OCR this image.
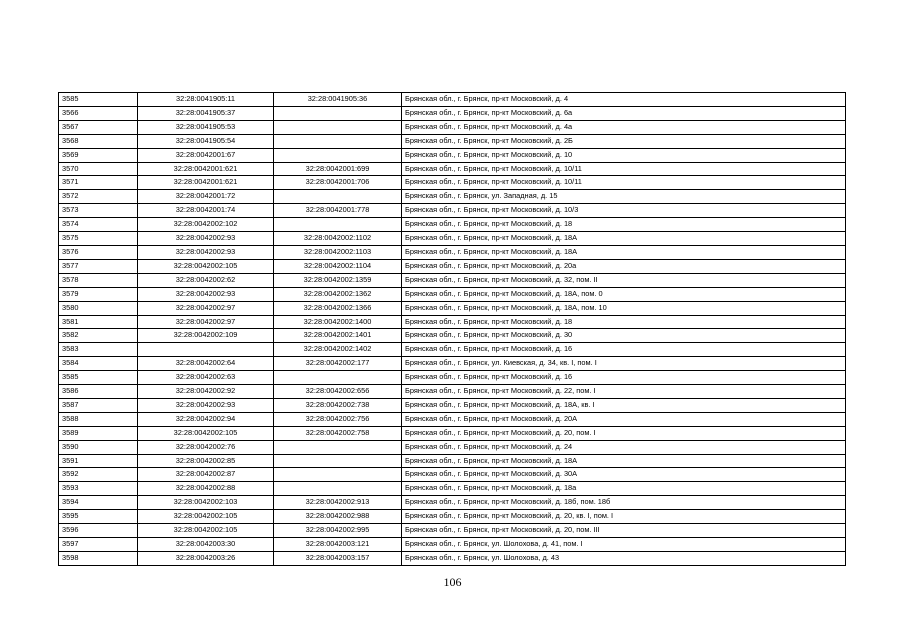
3585	32:28:0041905:11	32:28:0041905:36	Брянская обл., г. Брянск, пр-кт Московский, д. 4
3566	32:28:0041905:37		Брянская обл., г. Брянск, пр-кт Московский, д. 6а
3567	32:28:0041905:53		Брянская обл., г. Брянск, пр-кт Московский, д. 4а
3568	32:28:0041905:54		Брянская обл., г. Брянск, пр-кт Московский, д. 2Б
3569	32:28:0042001:67		Брянская обл., г. Брянск, пр-кт Московский, д. 10
3570	32:28:0042001:621	32:28:0042001:699	Брянская обл., г. Брянск, пр-кт Московский, д. 10/11
3571	32:28:0042001:621	32:28:0042001:706	Брянская обл., г. Брянск, пр-кт Московский, д. 10/11
3572	32:28:0042001:72		Брянская обл., г. Брянск, ул. Западная, д. 15
3573	32:28:0042001:74	32:28:0042001:778	Брянская обл., г. Брянск, пр-кт Московский, д. 10/3
3574	32:28:0042002:102		Брянская обл., г. Брянск, пр-кт Московский, д. 18
3575	32:28:0042002:93	32:28:0042002:1102	Брянская обл., г. Брянск, пр-кт Московский, д. 18А
3576	32:28:0042002:93	32:28:0042002:1103	Брянская обл., г. Брянск, пр-кт Московский, д. 18А
3577	32:28:0042002:105	32:28:0042002:1104	Брянская обл., г. Брянск, пр-кт Московский, д. 20а
3578	32:28:0042002:62	32:28:0042002:1359	Брянская обл., г. Брянск, пр-кт Московский, д. 32, пом. II
3579	32:28:0042002:93	32:28:0042002:1362	Брянская обл., г. Брянск, пр-кт Московский, д. 18А, пом. 0
3580	32:28:0042002:97	32:28:0042002:1366	Брянская обл., г. Брянск, пр-кт Московский, д. 18А, пом. 10
3581	32:28:0042002:97	32:28:0042002:1400	Брянская обл., г. Брянск, пр-кт Московский, д. 18
3582	32:28:0042002:109	32:28:0042002:1401	Брянская обл., г. Брянск, пр-кт Московский, д. 30
3583		32:28:0042002:1402	Брянская обл., г. Брянск, пр-кт Московский, д. 16
3584	32:28:0042002:64	32:28:0042002:177	Брянская обл., г. Брянск, ул. Киевская, д. 34, кв. I, пом. I
3585	32:28:0042002:63		Брянская обл., г. Брянск, пр-кт Московский, д. 16
3586	32:28:0042002:92	32:28:0042002:656	Брянская обл., г. Брянск, пр-кт Московский, д. 22, пом. I
3587	32:28:0042002:93	32:28:0042002:738	Брянская обл., г. Брянск, пр-кт Московский, д. 18А, кв. I
3588	32:28:0042002:94	32:28:0042002:756	Брянская обл., г. Брянск, пр-кт Московский, д. 20А
3589	32:28:0042002:105	32:28:0042002:758	Брянская обл., г. Брянск, пр-кт Московский, д. 20, пом. I
3590	32:28:0042002:76		Брянская обл., г. Брянск, пр-кт Московский, д. 24
3591	32:28:0042002:85		Брянская обл., г. Брянск, пр-кт Московский, д. 18А
3592	32:28:0042002:87		Брянская обл., г. Брянск, пр-кт Московский, д. 30А
3593	32:28:0042002:88		Брянская обл., г. Брянск, пр-кт Московский, д. 18а
3594	32:28:0042002:103	32:28:0042002:913	Брянская обл., г. Брянск, пр-кт Московский, д. 18б, пом. 18б
3595	32:28:0042002:105	32:28:0042002:988	Брянская обл., г. Брянск, пр-кт Московский, д. 20, кв. I, пом. I
3596	32:28:0042002:105	32:28:0042002:995	Брянская обл., г. Брянск, пр-кт Московский, д. 20, пом. III
3597	32:28:0042003:30	32:28:0042003:121	Брянская обл., г. Брянск, ул. Шолохова, д. 41, пом. I
3598	32:28:0042003:26	32:28:0042003:157	Брянская обл., г. Брянск, ул. Шолохова, д. 43
106
